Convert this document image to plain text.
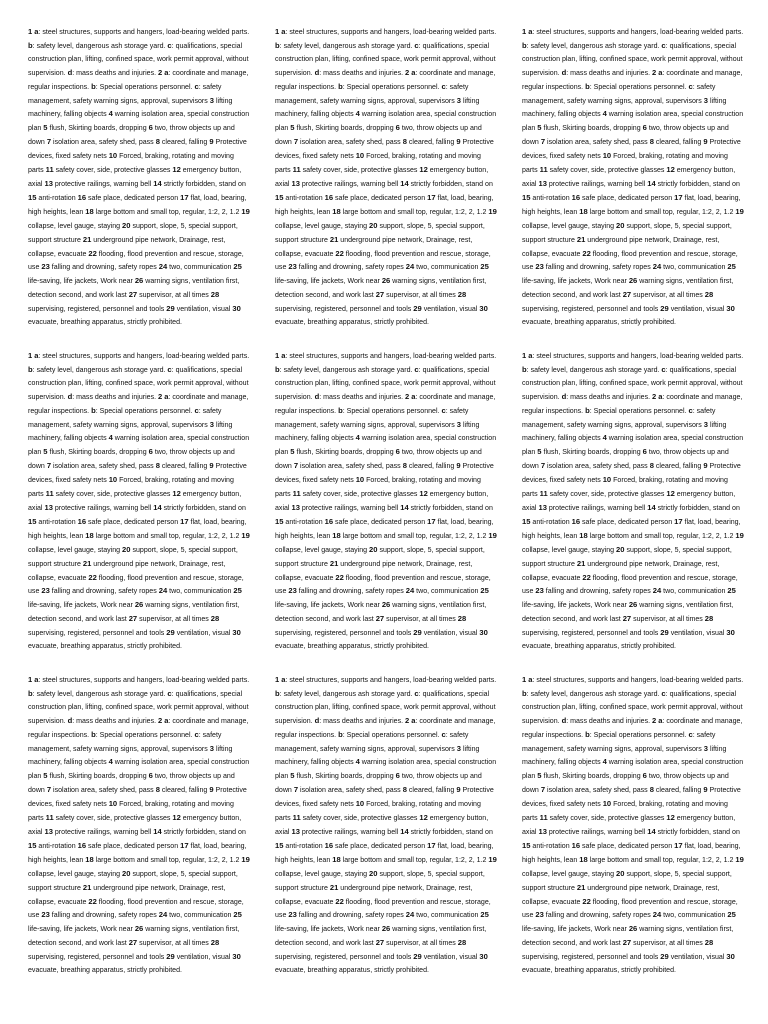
1 a: steel structures, supports and hangers, load-bearing welded parts. b: safety level, dangerous ash storage yard. c: qualifications, special construction plan, lifting, confined space, work permit approval, without supervision. d: mass deaths and injuries. 2 a: coordinate and manage, regular inspections. b: Special operations personnel. c: safety management, safety warning signs, approval, supervisors 3 lifting machinery, falling objects 4 warning isolation area, special construction plan 5 flush, Skirting boards, dropping 6 two, throw objects up and down 7 isolation area, safety shed, pass 8 cleared, falling 9 Protective devices, fixed safety nets 10 Forced, braking, rotating and moving parts 11 safety cover, side, protective glasses 12 emergency button, axial 13 protective railings, warning bell 14 strictly forbidden, stand on 15 anti-rotation 16 safe place, dedicated person 17 flat, load, bearing, high heights, lean 18 large bottom and small top, regular, 1:2, 2, 1.2 19 collapse, level gauge, staying 20 support, slope, 5, special support, support structure 21 underground pipe network, Drainage, rest, collapse, evacuate 22 flooding, flood prevention and rescue, storage, use 23 falling and drowning, safety ropes 24 two, communication 25 life-saving, life jackets, Work near 26 warning signs, ventilation first, detection second, and work last 27 supervisor, at all times 28 supervising, registered, personnel and tools 29 ventilation, visual 30 evacuate, breathing apparatus, strictly prohibited.
1 a: steel structures, supports and hangers, load-bearing welded parts. b: safety level, dangerous ash storage yard. c: qualifications, special construction plan, lifting, confined space, work permit approval, without supervision. d: mass deaths and injuries. 2 a: coordinate and manage, regular inspections. b: Special operations personnel. c: safety management, safety warning signs, approval, supervisors 3 lifting machinery, falling objects 4 warning isolation area, special construction plan 5 flush, Skirting boards, dropping 6 two, throw objects up and down 7 isolation area, safety shed, pass 8 cleared, falling 9 Protective devices, fixed safety nets 10 Forced, braking, rotating and moving parts 11 safety cover, side, protective glasses 12 emergency button, axial 13 protective railings, warning bell 14 strictly forbidden, stand on 15 anti-rotation 16 safe place, dedicated person 17 flat, load, bearing, high heights, lean 18 large bottom and small top, regular, 1:2, 2, 1.2 19 collapse, level gauge, staying 20 support, slope, 5, special support, support structure 21 underground pipe network, Drainage, rest, collapse, evacuate 22 flooding, flood prevention and rescue, storage, use 23 falling and drowning, safety ropes 24 two, communication 25 life-saving, life jackets, Work near 26 warning signs, ventilation first, detection second, and work last 27 supervisor, at all times 28 supervising, registered, personnel and tools 29 ventilation, visual 30 evacuate, breathing apparatus, strictly prohibited.
1 a: steel structures, supports and hangers, load-bearing welded parts. b: safety level, dangerous ash storage yard. c: qualifications, special construction plan, lifting, confined space, work permit approval, without supervision. d: mass deaths and injuries. 2 a: coordinate and manage, regular inspections. b: Special operations personnel. c: safety management, safety warning signs, approval, supervisors 3 lifting machinery, falling objects 4 warning isolation area, special construction plan 5 flush, Skirting boards, dropping 6 two, throw objects up and down 7 isolation area, safety shed, pass 8 cleared, falling 9 Protective devices, fixed safety nets 10 Forced, braking, rotating and moving parts 11 safety cover, side, protective glasses 12 emergency button, axial 13 protective railings, warning bell 14 strictly forbidden, stand on 15 anti-rotation 16 safe place, dedicated person 17 flat, load, bearing, high heights, lean 18 large bottom and small top, regular, 1:2, 2, 1.2 19 collapse, level gauge, staying 20 support, slope, 5, special support, support structure 21 underground pipe network, Drainage, rest, collapse, evacuate 22 flooding, flood prevention and rescue, storage, use 23 falling and drowning, safety ropes 24 two, communication 25 life-saving, life jackets, Work near 26 warning signs, ventilation first, detection second, and work last 27 supervisor, at all times 28 supervising, registered, personnel and tools 29 ventilation, visual 30 evacuate, breathing apparatus, strictly prohibited.
1 a: steel structures, supports and hangers, load-bearing welded parts. b: safety level, dangerous ash storage yard. c: qualifications, special construction plan, lifting, confined space, work permit approval, without supervision. d: mass deaths and injuries. 2 a: coordinate and manage, regular inspections. b: Special operations personnel. c: safety management, safety warning signs, approval, supervisors 3 lifting machinery, falling objects 4 warning isolation area, special construction plan 5 flush, Skirting boards, dropping 6 two, throw objects up and down 7 isolation area, safety shed, pass 8 cleared, falling 9 Protective devices, fixed safety nets 10 Forced, braking, rotating and moving parts 11 safety cover, side, protective glasses 12 emergency button, axial 13 protective railings, warning bell 14 strictly forbidden, stand on 15 anti-rotation 16 safe place, dedicated person 17 flat, load, bearing, high heights, lean 18 large bottom and small top, regular, 1:2, 2, 1.2 19 collapse, level gauge, staying 20 support, slope, 5, special support, support structure 21 underground pipe network, Drainage, rest, collapse, evacuate 22 flooding, flood prevention and rescue, storage, use 23 falling and drowning, safety ropes 24 two, communication 25 life-saving, life jackets, Work near 26 warning signs, ventilation first, detection second, and work last 27 supervisor, at all times 28 supervising, registered, personnel and tools 29 ventilation, visual 30 evacuate, breathing apparatus, strictly prohibited.
1 a: steel structures, supports and hangers, load-bearing welded parts. b: safety level, dangerous ash storage yard. c: qualifications, special construction plan, lifting, confined space, work permit approval, without supervision. d: mass deaths and injuries. 2 a: coordinate and manage, regular inspections. b: Special operations personnel. c: safety management, safety warning signs, approval, supervisors 3 lifting machinery, falling objects 4 warning isolation area, special construction plan 5 flush, Skirting boards, dropping 6 two, throw objects up and down 7 isolation area, safety shed, pass 8 cleared, falling 9 Protective devices, fixed safety nets 10 Forced, braking, rotating and moving parts 11 safety cover, side, protective glasses 12 emergency button, axial 13 protective railings, warning bell 14 strictly forbidden, stand on 15 anti-rotation 16 safe place, dedicated person 17 flat, load, bearing, high heights, lean 18 large bottom and small top, regular, 1:2, 2, 1.2 19 collapse, level gauge, staying 20 support, slope, 5, special support, support structure 21 underground pipe network, Drainage, rest, collapse, evacuate 22 flooding, flood prevention and rescue, storage, use 23 falling and drowning, safety ropes 24 two, communication 25 life-saving, life jackets, Work near 26 warning signs, ventilation first, detection second, and work last 27 supervisor, at all times 28 supervising, registered, personnel and tools 29 ventilation, visual 30 evacuate, breathing apparatus, strictly prohibited.
1 a: steel structures, supports and hangers, load-bearing welded parts. b: safety level, dangerous ash storage yard. c: qualifications, special construction plan, lifting, confined space, work permit approval, without supervision. d: mass deaths and injuries. 2 a: coordinate and manage, regular inspections. b: Special operations personnel. c: safety management, safety warning signs, approval, supervisors 3 lifting machinery, falling objects 4 warning isolation area, special construction plan 5 flush, Skirting boards, dropping 6 two, throw objects up and down 7 isolation area, safety shed, pass 8 cleared, falling 9 Protective devices, fixed safety nets 10 Forced, braking, rotating and moving parts 11 safety cover, side, protective glasses 12 emergency button, axial 13 protective railings, warning bell 14 strictly forbidden, stand on 15 anti-rotation 16 safe place, dedicated person 17 flat, load, bearing, high heights, lean 18 large bottom and small top, regular, 1:2, 2, 1.2 19 collapse, level gauge, staying 20 support, slope, 5, special support, support structure 21 underground pipe network, Drainage, rest, collapse, evacuate 22 flooding, flood prevention and rescue, storage, use 23 falling and drowning, safety ropes 24 two, communication 25 life-saving, life jackets, Work near 26 warning signs, ventilation first, detection second, and work last 27 supervisor, at all times 28 supervising, registered, personnel and tools 29 ventilation, visual 30 evacuate, breathing apparatus, strictly prohibited.
1 a: steel structures, supports and hangers, load-bearing welded parts. b: safety level, dangerous ash storage yard. c: qualifications, special construction plan, lifting, confined space, work permit approval, without supervision. d: mass deaths and injuries. 2 a: coordinate and manage, regular inspections. b: Special operations personnel. c: safety management, safety warning signs, approval, supervisors 3 lifting machinery, falling objects 4 warning isolation area, special construction plan 5 flush, Skirting boards, dropping 6 two, throw objects up and down 7 isolation area, safety shed, pass 8 cleared, falling 9 Protective devices, fixed safety nets 10 Forced, braking, rotating and moving parts 11 safety cover, side, protective glasses 12 emergency button, axial 13 protective railings, warning bell 14 strictly forbidden, stand on 15 anti-rotation 16 safe place, dedicated person 17 flat, load, bearing, high heights, lean 18 large bottom and small top, regular, 1:2, 2, 1.2 19 collapse, level gauge, staying 20 support, slope, 5, special support, support structure 21 underground pipe network, Drainage, rest, collapse, evacuate 22 flooding, flood prevention and rescue, storage, use 23 falling and drowning, safety ropes 24 two, communication 25 life-saving, life jackets, Work near 26 warning signs, ventilation first, detection second, and work last 27 supervisor, at all times 28 supervising, registered, personnel and tools 29 ventilation, visual 30 evacuate, breathing apparatus, strictly prohibited.
1 a: steel structures, supports and hangers, load-bearing welded parts. b: safety level, dangerous ash storage yard. c: qualifications, special construction plan, lifting, confined space, work permit approval, without supervision. d: mass deaths and injuries. 2 a: coordinate and manage, regular inspections. b: Special operations personnel. c: safety management, safety warning signs, approval, supervisors 3 lifting machinery, falling objects 4 warning isolation area, special construction plan 5 flush, Skirting boards, dropping 6 two, throw objects up and down 7 isolation area, safety shed, pass 8 cleared, falling 9 Protective devices, fixed safety nets 10 Forced, braking, rotating and moving parts 11 safety cover, side, protective glasses 12 emergency button, axial 13 protective railings, warning bell 14 strictly forbidden, stand on 15 anti-rotation 16 safe place, dedicated person 17 flat, load, bearing, high heights, lean 18 large bottom and small top, regular, 1:2, 2, 1.2 19 collapse, level gauge, staying 20 support, slope, 5, special support, support structure 21 underground pipe network, Drainage, rest, collapse, evacuate 22 flooding, flood prevention and rescue, storage, use 23 falling and drowning, safety ropes 24 two, communication 25 life-saving, life jackets, Work near 26 warning signs, ventilation first, detection second, and work last 27 supervisor, at all times 28 supervising, registered, personnel and tools 29 ventilation, visual 30 evacuate, breathing apparatus, strictly prohibited.
1 a: steel structures, supports and hangers, load-bearing welded parts. b: safety level, dangerous ash storage yard. c: qualifications, special construction plan, lifting, confined space, work permit approval, without supervision. d: mass deaths and injuries. 2 a: coordinate and manage, regular inspections. b: Special operations personnel. c: safety management, safety warning signs, approval, supervisors 3 lifting machinery, falling objects 4 warning isolation area, special construction plan 5 flush, Skirting boards, dropping 6 two, throw objects up and down 7 isolation area, safety shed, pass 8 cleared, falling 9 Protective devices, fixed safety nets 10 Forced, braking, rotating and moving parts 11 safety cover, side, protective glasses 12 emergency button, axial 13 protective railings, warning bell 14 strictly forbidden, stand on 15 anti-rotation 16 safe place, dedicated person 17 flat, load, bearing, high heights, lean 18 large bottom and small top, regular, 1:2, 2, 1.2 19 collapse, level gauge, staying 20 support, slope, 5, special support, support structure 21 underground pipe network, Drainage, rest, collapse, evacuate 22 flooding, flood prevention and rescue, storage, use 23 falling and drowning, safety ropes 24 two, communication 25 life-saving, life jackets, Work near 26 warning signs, ventilation first, detection second, and work last 27 supervisor, at all times 28 supervising, registered, personnel and tools 29 ventilation, visual 30 evacuate, breathing apparatus, strictly prohibited.
